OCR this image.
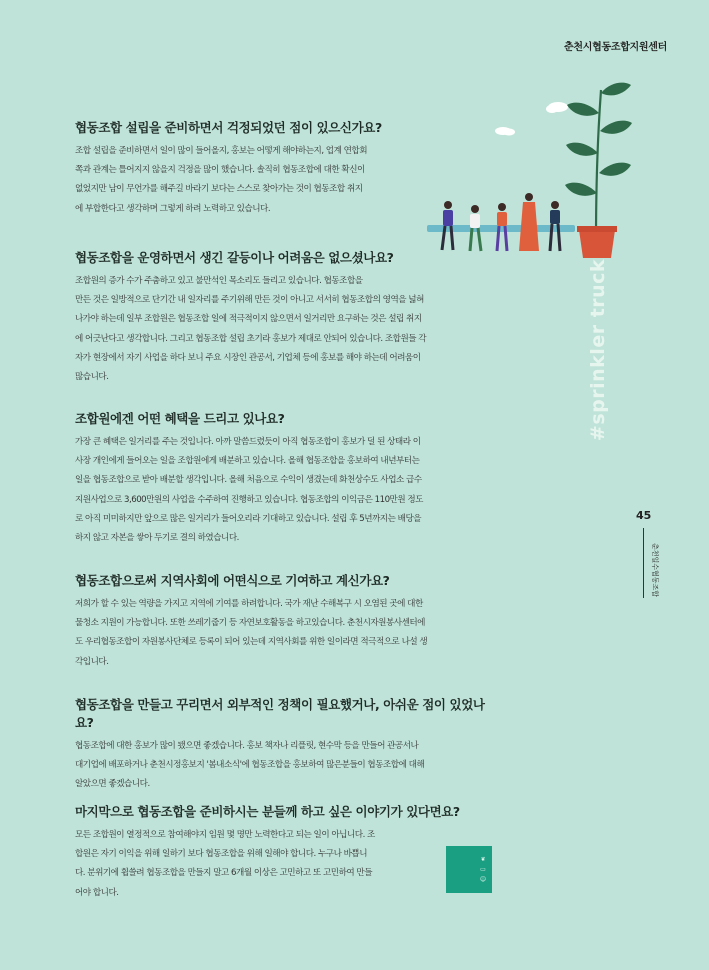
춘천시협동조합지원센터

협동조합 설립을 준비하면서 걱정되었던 점이 있으신가요?

조합 설립을 준비하면서 일이 많이 들어올지, 홍보는 어떻게 해야하는지, 업계 연합회
쪽과 관계는 틀어지지 않을지 걱정을 많이 했습니다. 솔직히 협동조합에 대한 확신이
없었지만 남이 무언가를 해주길 바라기 보다는 스스로 찾아가는 것이 협동조합 취지
에 부합한다고 생각하며 그렇게 하려 노력하고 있습니다.

협동조합을 운영하면서 생긴 갈등이나 어려움은 없으셨나요?

조합원의 증가 수가 주춤하고 있고 불만석인 목소리도 들리고 있습니다. 협동조합을
만든 것은 일방적으로 단기간 내 일자리를 주기위해 만든 것이 아니고 서서히 협동조합의 영역을 넓혀
나가야 하는데 일부 조합원은 협동조합 일에 적극적이지 않으면서 일거리만 요구하는 것은 설립 취지
에 어긋난다고 생각합니다. 그리고 협동조합 설립 초기라 홍보가 제대로 안되어 있습니다. 조합원들 각
자가 현장에서 자기 사업을 하다 보니 주요 시장인 관공서, 기업체 등에 홍보를 해야 하는데 어려움이
많습니다.

조합원에겐 어떤 혜택을 드리고 있나요?

가장 큰 혜택은 일거리를 주는 것입니다. 아까 말씀드렸듯이 아직 협동조합이 홍보가 덜 된 상태라 이
사장 개인에게 들어오는 일을 조합원에게 배분하고 있습니다. 올해 협동조합을 홍보하여 내년부터는
일을 협동조합으로 받아 배분할 생각입니다. 올해 처음으로 수익이 생겼는데 화천상수도 사업소 급수
지원사업으로 3,600만원의 사업을 수주하여 진행하고 있습니다. 협동조합의 이익금은 110만원 정도
로 아직 미미하지만 앞으로 많은 일거리가 들어오리라 기대하고 있습니다. 설립 후 5년까지는 배당을
하지 않고 자본을 쌓아 두기로 결의 하였습니다.

협동조합으로써 지역사회에 어떤식으로 기여하고 계신가요?

저희가 할 수 있는 역량을 가지고 지역에 기여를 하려합니다. 국가 재난 수해복구 시 오염된 곳에 대한
물청소 지원이 가능합니다. 또한 쓰레기줍기 등 자연보호활동을 하고있습니다. 춘천시자원봉사센터에
도 우리협동조합이 자원봉사단체로 등록이 되어 있는데 지역사회를 위한 일이라면 적극적으로 나설 생
각입니다.

협동조합을 만들고 꾸리면서 외부적인 정책이 필요했거나, 아쉬운 점이 있었나요?

협동조합에 대한 홍보가 많이 됐으면 좋겠습니다. 홍보 책자나 리플릿, 현수막 등을 만들어 관공서나
대기업에 배포하거나 춘천시정홍보지 '봄내소식'에 협동조합을 홍보하여 많은분들이 협동조합에 대해
알았으면 좋겠습니다.

마지막으로 협동조합을 준비하시는 분들께 하고 싶은 이야기가 있다면요?

모든 조합원이 열정적으로 참여해야지 임원 몇 명만 노력한다고 되는 일이 아닙니다. 조
합원은 자기 이익을 위해 일하기 보다 협동조합을 위해 일해야 합니다. 누구나 바쁩니
다. 분위기에 휩쓸려 협동조합을 만들지 말고 6개월 이상은 고민하고 또 고민하여 만들
어야 합니다.

#sprinkler truck
45
춘천일수협동조합
❦
▭
☺
